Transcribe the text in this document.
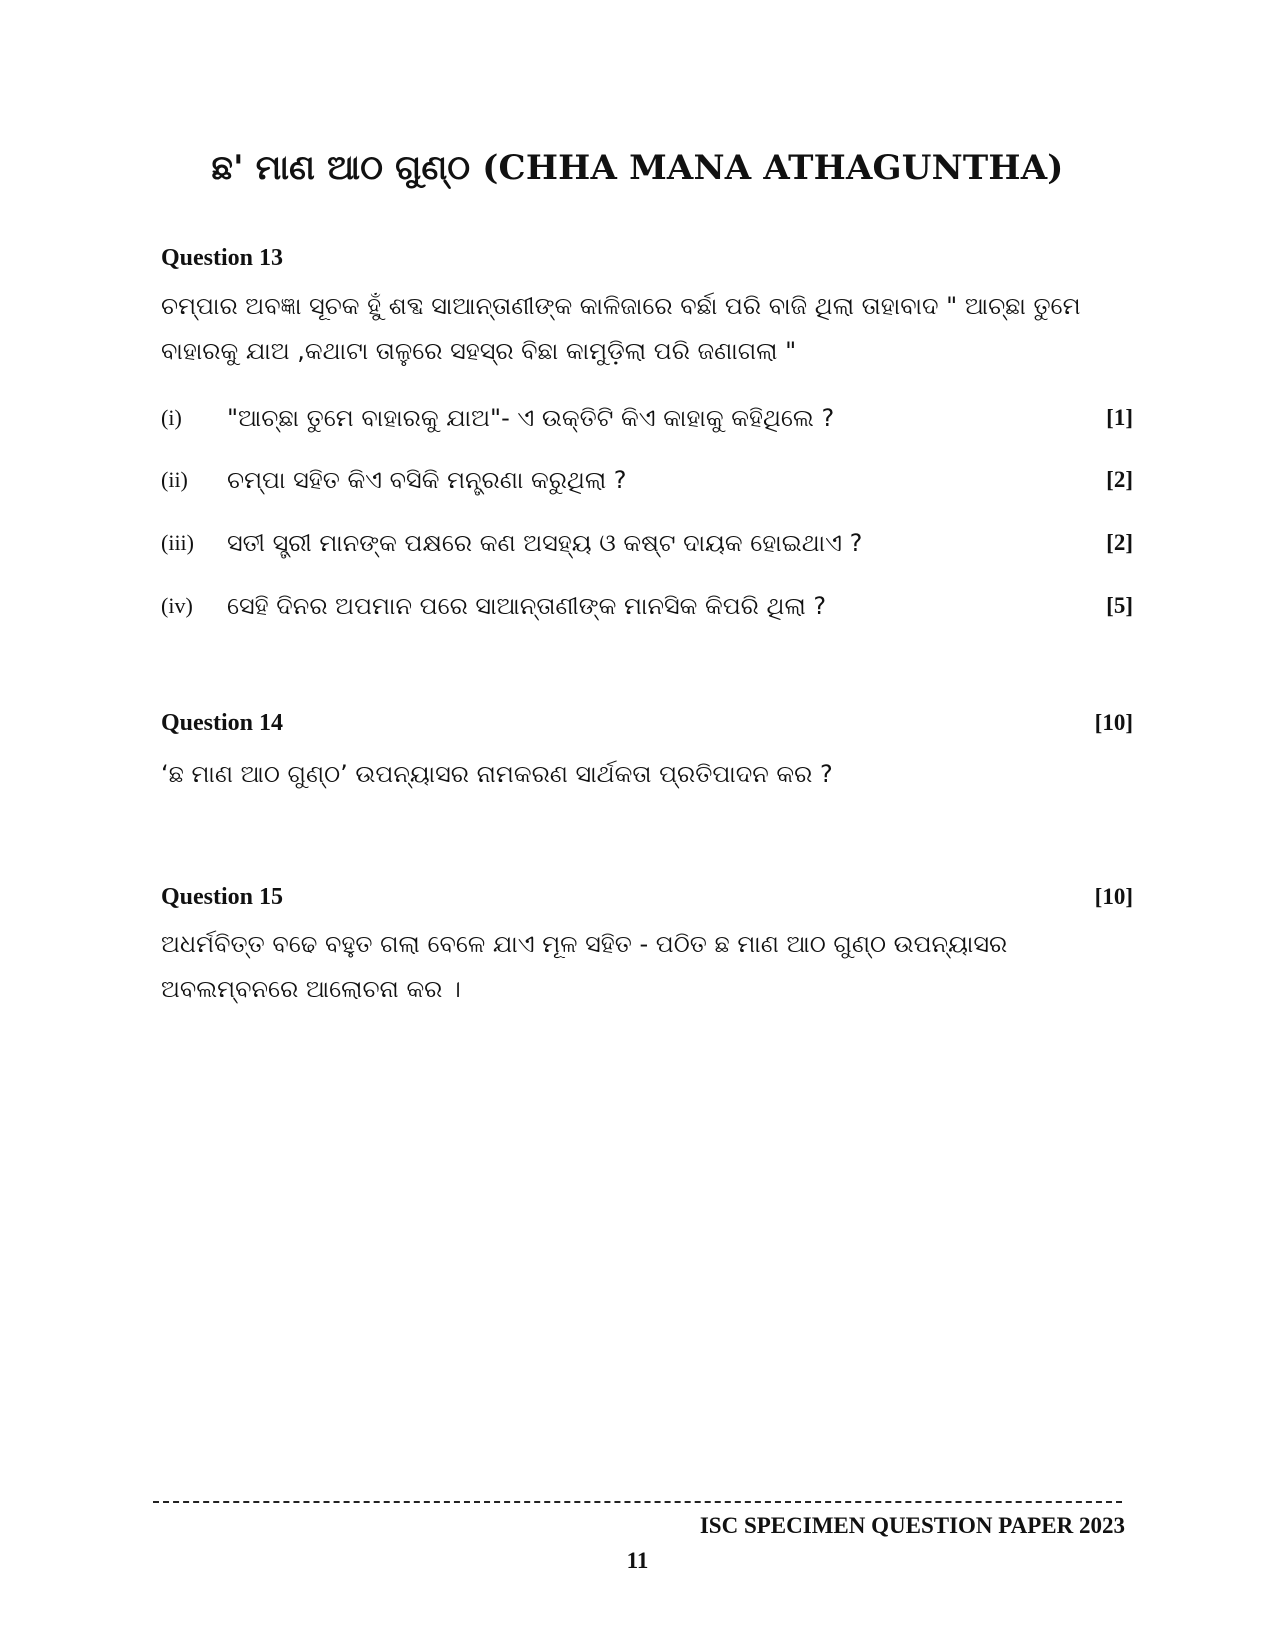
ଛ' ମାଣ ଆଠ ଗୁଣ୍ଠ (CHHA MANA ATHAGUNTHA)
Question 13
ଚମ୍ପାର ଅବଜ୍ଞା ସୂଚକ ହୁଁ ଶବ୍ଦ ସାଆନ୍ତାଣୀଙ୍କ କାଳିଜାରେ ବର୍ଛା ପରି ବାଜି ଥିଲା ତାହାବାଦ " ଆଚ୍ଛା ତୁମେ
ବାହାରକୁ ଯାଅ ,କଥାଟା ତାଳୁରେ ସହସ୍ର ବିଛା କାମୁଡ଼ିଲା ପରି ଜଣାଗଲା "
(i) "ଆଚ୍ଛା ତୁମେ ବାହାରକୁ ଯାଅ"- ଏ ଉକ୍ତିଟି କିଏ କାହାକୁ କହିଥିଲେ ?	[1]
(ii) ଚମ୍ପା ସହିତ କିଏ ବସିକି ମନ୍ତ୍ରଣା କରୁଥିଲା ?	[2]
(iii) ସତୀ ସ୍ତ୍ରୀ ମାନଙ୍କ ପକ୍ଷରେ କଣ ଅସହ୍ୟ ଓ କଷ୍ଟ ଦାୟକ ହୋଇଥାଏ ?	[2]
(iv) ସେହି ଦିନର ଅପମାନ ପରେ ସାଆନ୍ତାଣୀଙ୍କ ମାନସିକ କିପରି ଥିଲା ?	[5]
Question 14	[10]
‘ଛ ମାଣ ଆଠ ଗୁଣ୍ଠ’ ଉପନ୍ୟାସର ନାମକରଣ ସାର୍ଥକତା ପ୍ରତିପାଦନ କର ?
Question 15	[10]
ଅଧର୍ମବିତ୍ତ ବଢେ ବହୁତ ଗଲା ବେଳେ ଯାଏ ମୂଳ ସହିତ - ପଠିତ ଛ ମାଣ ଆଠ ଗୁଣ୍ଠ ଉପନ୍ୟାସର
ଅବଲମ୍ବନରେ ଆଲୋଚନା କର ।
ISC SPECIMEN QUESTION PAPER 2023
11
